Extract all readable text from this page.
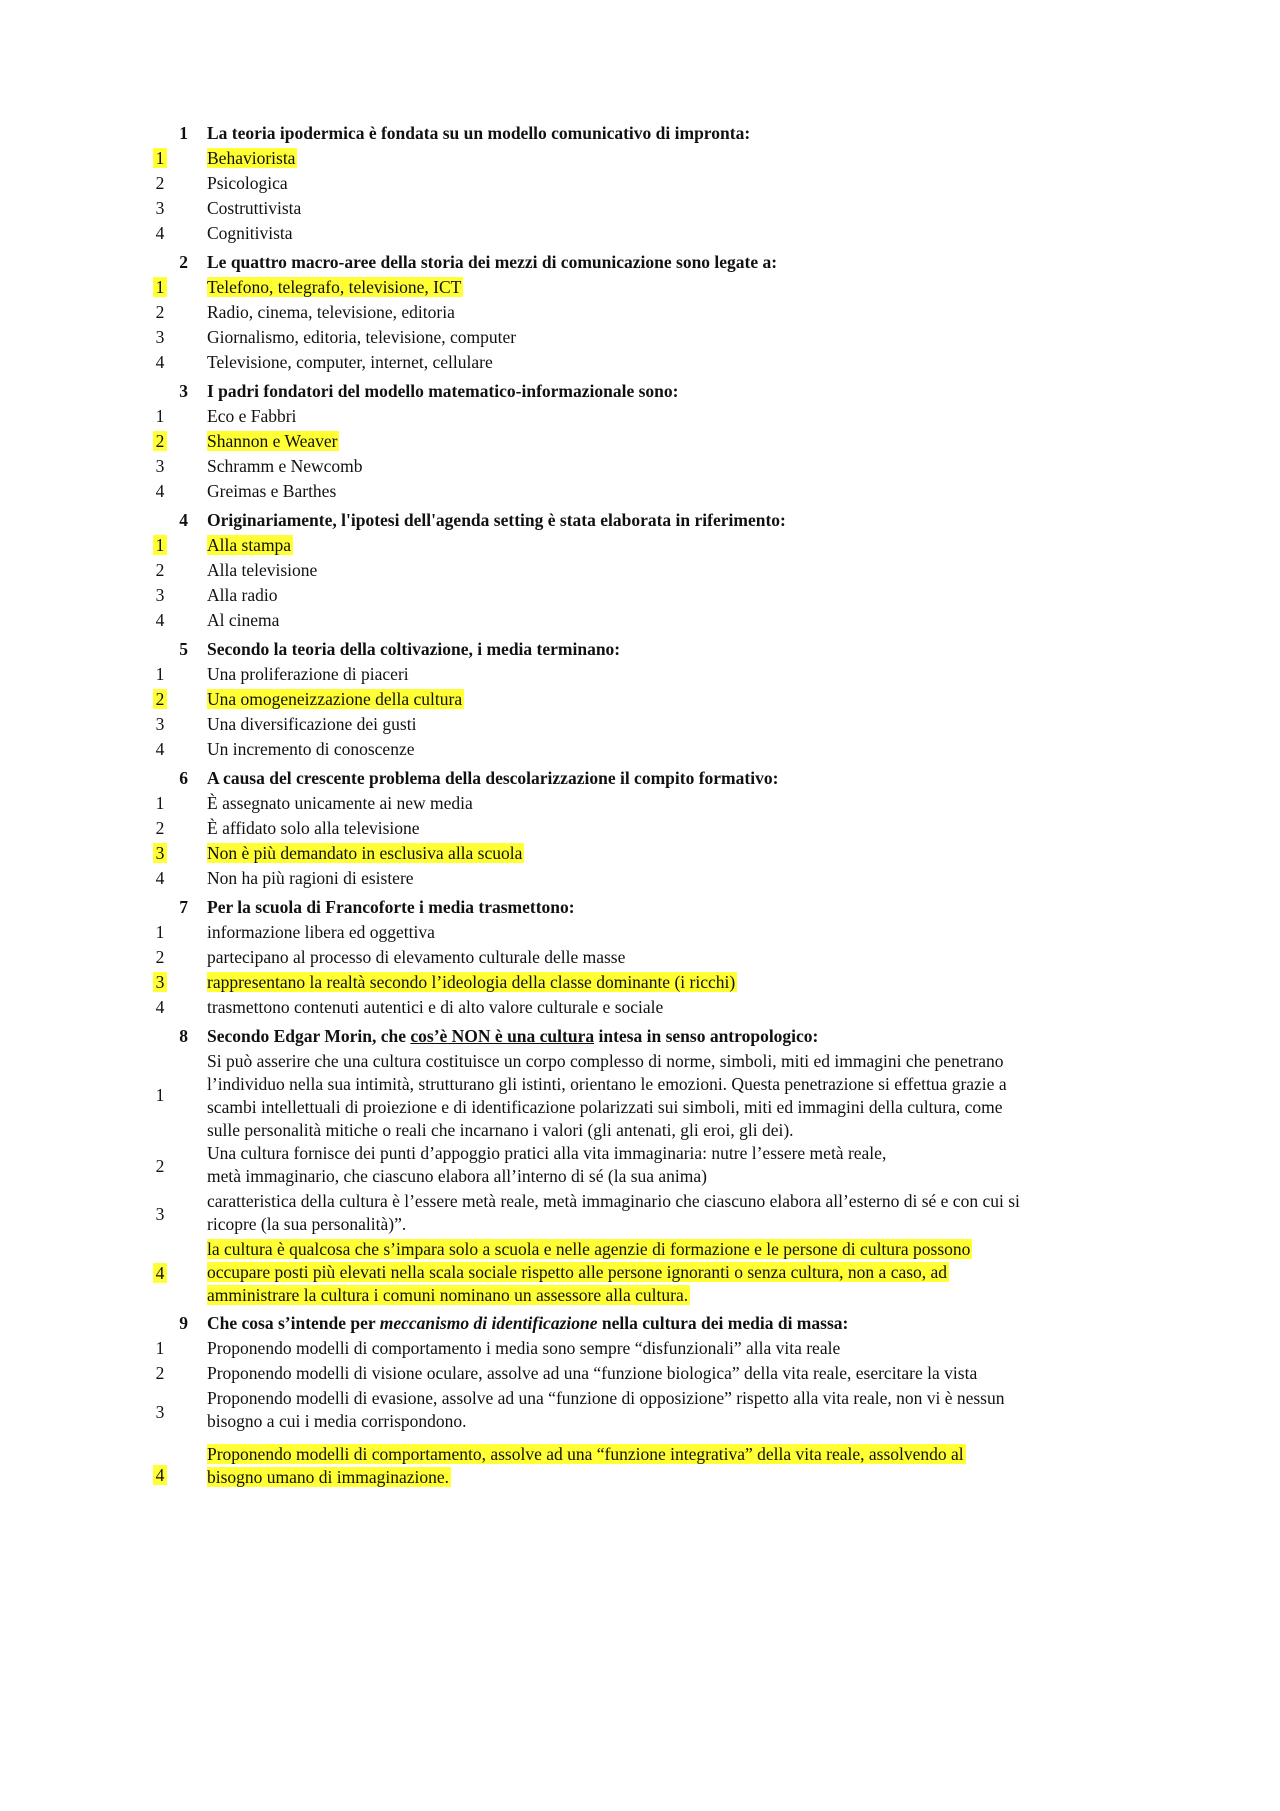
1 La teoria ipodermica è fondata su un modello comunicativo di impronta:
1	Behaviorista
2	Psicologica
3	Costruttivista
4	Cognitivista
2 Le quattro macro-aree della storia dei mezzi di comunicazione sono legate a:
1	Telefono, telegrafo, televisione, ICT
2	Radio, cinema, televisione, editoria
3	Giornalismo, editoria, televisione, computer
4	Televisione, computer, internet, cellulare
3 I padri fondatori del modello matematico-informazionale sono:
1	Eco e Fabbri
2	Shannon e Weaver
3	Schramm e Newcomb
4	Greimas e Barthes
4 Originariamente, l'ipotesi dell'agenda setting è stata elaborata in riferimento:
1	Alla stampa
2	Alla televisione
3	Alla radio
4	Al cinema
5 Secondo la teoria della coltivazione, i media terminano:
1	Una proliferazione di piaceri
2	Una omogeneizzazione della cultura
3	Una diversificazione dei gusti
4	Un incremento di conoscenze
6 A causa del crescente problema della descolarizzazione il compito formativo:
1	È assegnato unicamente ai new media
2	È affidato solo alla televisione
3	Non è più demandato in esclusiva alla scuola
4	Non ha più ragioni di esistere
7 Per la scuola di Francoforte i media trasmettono:
1	informazione libera ed oggettiva
2	partecipano al processo di elevamento culturale delle masse
3	rappresentano la realtà secondo l’ideologia della classe dominante (i ricchi)
4	trasmettono contenuti autentici e di alto valore culturale e sociale
8 Secondo Edgar Morin, che cos’è NON è una cultura intesa in senso antropologico:
1
Si può asserire che una cultura costituisce un corpo complesso di norme, simboli, miti ed immagini che penetrano
l’individuo nella sua intimità, strutturano gli istinti, orientano le emozioni. Questa penetrazione si effettua grazie a
scambi intellettuali di proiezione e di identificazione polarizzati sui simboli, miti ed immagini della cultura, come
sulle personalità mitiche o reali che incarnano i valori (gli antenati, gli eroi, gli dei).
2
Una cultura fornisce dei punti d’appoggio pratici alla vita immaginaria: nutre l’essere metà reale,
metà immaginario, che ciascuno elabora all’interno di sé (la sua anima)
3
caratteristica della cultura è l’essere metà reale, metà immaginario che ciascuno elabora all’esterno di sé e con cui si
ricopre (la sua personalità)”.
4
la cultura è qualcosa che s’impara solo a scuola e nelle agenzie di formazione e le persone di cultura possono
occupare posti più elevati nella scala sociale rispetto alle persone ignoranti o senza cultura, non a caso, ad
amministrare la cultura i comuni nominano un assessore alla cultura.
9 Che cosa s’intende per meccanismo di identificazione nella cultura dei media di massa:
1	Proponendo modelli di comportamento i media sono sempre “disfunzionali” alla vita reale
2	Proponendo modelli di visione oculare, assolve ad una “funzione biologica” della vita reale, esercitare la vista
3
Proponendo modelli di evasione, assolve ad una “funzione di opposizione” rispetto alla vita reale, non vi è nessun
bisogno a cui i media corrispondono.
4
Proponendo modelli di comportamento, assolve ad una “funzione integrativa” della vita reale, assolvendo al
bisogno umano di immaginazione.
